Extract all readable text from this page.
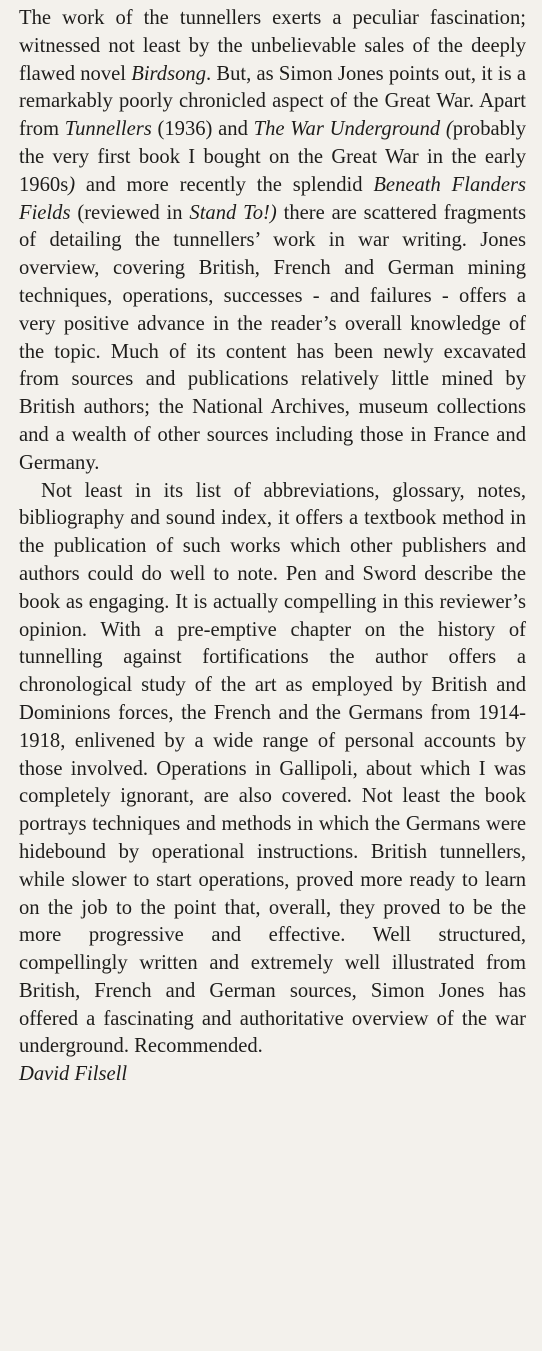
The work of the tunnellers exerts a peculiar fascination; witnessed not least by the unbelievable sales of the deeply flawed novel Birdsong. But, as Simon Jones points out, it is a remarkably poorly chronicled aspect of the Great War. Apart from Tunnellers (1936) and The War Underground (probably the very first book I bought on the Great War in the early 1960s) and more recently the splendid Beneath Flanders Fields (reviewed in Stand To!) there are scattered fragments of detailing the tunnellers’ work in war writing. Jones overview, covering British, French and German mining techniques, operations, successes - and failures - offers a very positive advance in the reader’s overall knowledge of the topic. Much of its content has been newly excavated from sources and publications relatively little mined by British authors; the National Archives, museum collections and a wealth of other sources including those in France and Germany.

Not least in its list of abbreviations, glossary, notes, bibliography and sound index, it offers a textbook method in the publication of such works which other publishers and authors could do well to note. Pen and Sword describe the book as engaging. It is actually compelling in this reviewer’s opinion. With a pre-emptive chapter on the history of tunnelling against fortifications the author offers a chronological study of the art as employed by British and Dominions forces, the French and the Germans from 1914-1918, enlivened by a wide range of personal accounts by those involved. Operations in Gallipoli, about which I was completely ignorant, are also covered. Not least the book portrays techniques and methods in which the Germans were hidebound by operational instructions. British tunnellers, while slower to start operations, proved more ready to learn on the job to the point that, overall, they proved to be the more progressive and effective. Well structured, compellingly written and extremely well illustrated from British, French and German sources, Simon Jones has offered a fascinating and authoritative overview of the war underground. Recommended.

David Filsell
